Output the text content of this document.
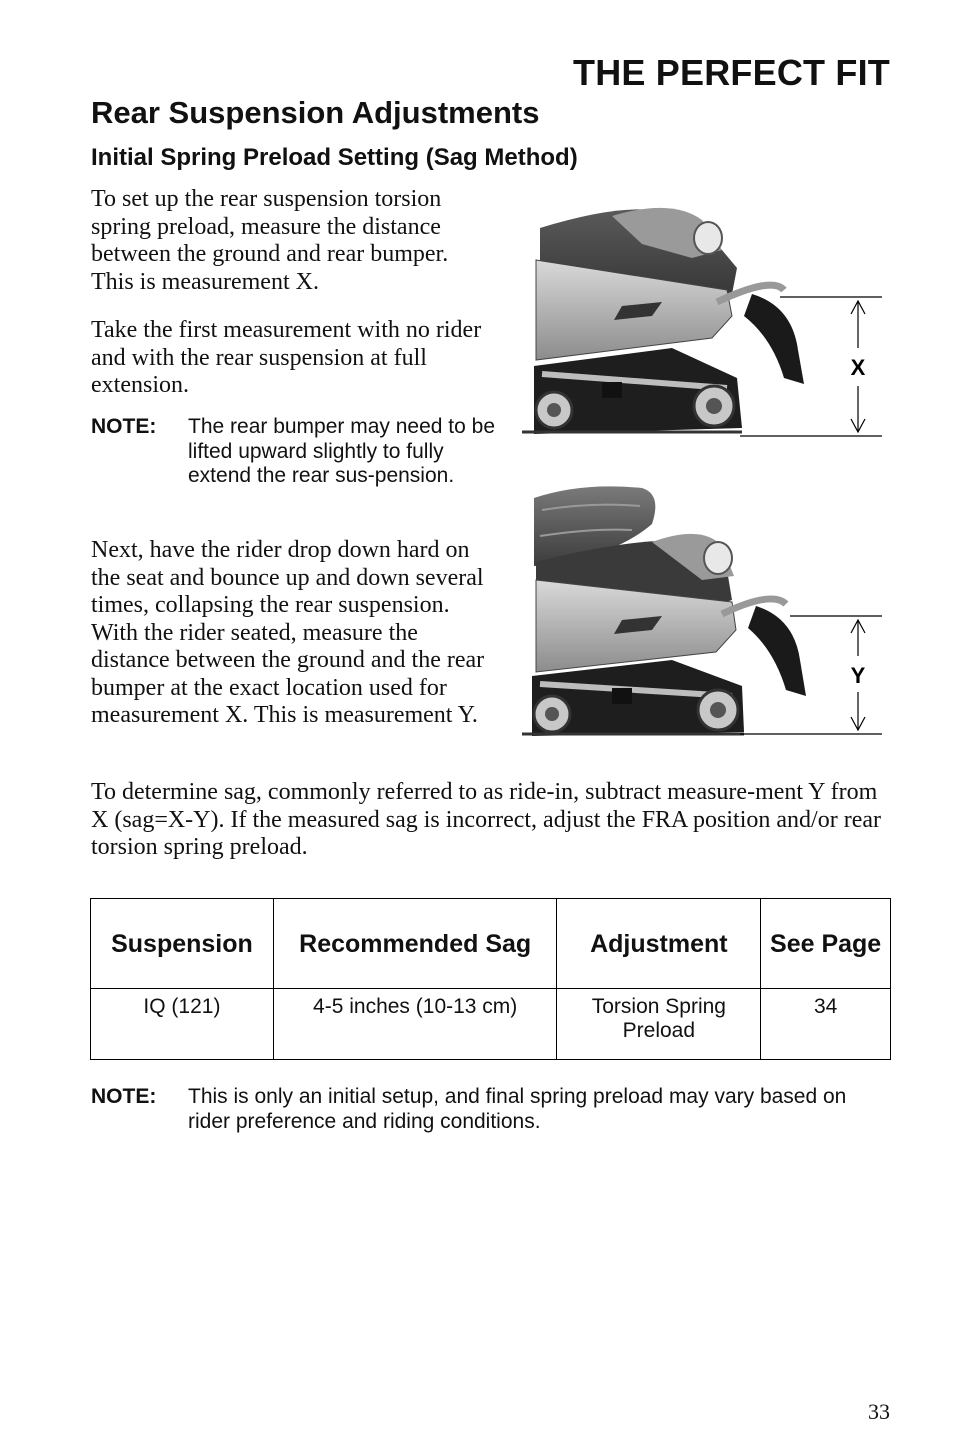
THE PERFECT FIT
Rear Suspension Adjustments
Initial Spring Preload Setting (Sag Method)
To set up the rear suspension torsion spring preload, measure the distance between the ground and rear bumper. This is measurement X.
Take the first measurement with no rider and with the rear suspension at full extension.
NOTE: The rear bumper may need to be lifted upward slightly to fully extend the rear sus-pension.
Next, have the rider drop down hard on the seat and bounce up and down several times, collapsing the rear suspension. With the rider seated, measure the distance between the ground and the rear bumper at the exact location used for measurement X. This is measurement Y.
To determine sag, commonly referred to as ride-in, subtract measure-ment Y from X (sag=X-Y). If the measured sag is incorrect, adjust the FRA position and/or rear torsion spring preload.
X
Y
Suspension	Recommended Sag	Adjustment	See Page
IQ (121)	4-5 inches (10-13 cm)	Torsion Spring Preload	34
NOTE: This is only an initial setup, and final spring preload may vary based on rider preference and riding conditions.
33
